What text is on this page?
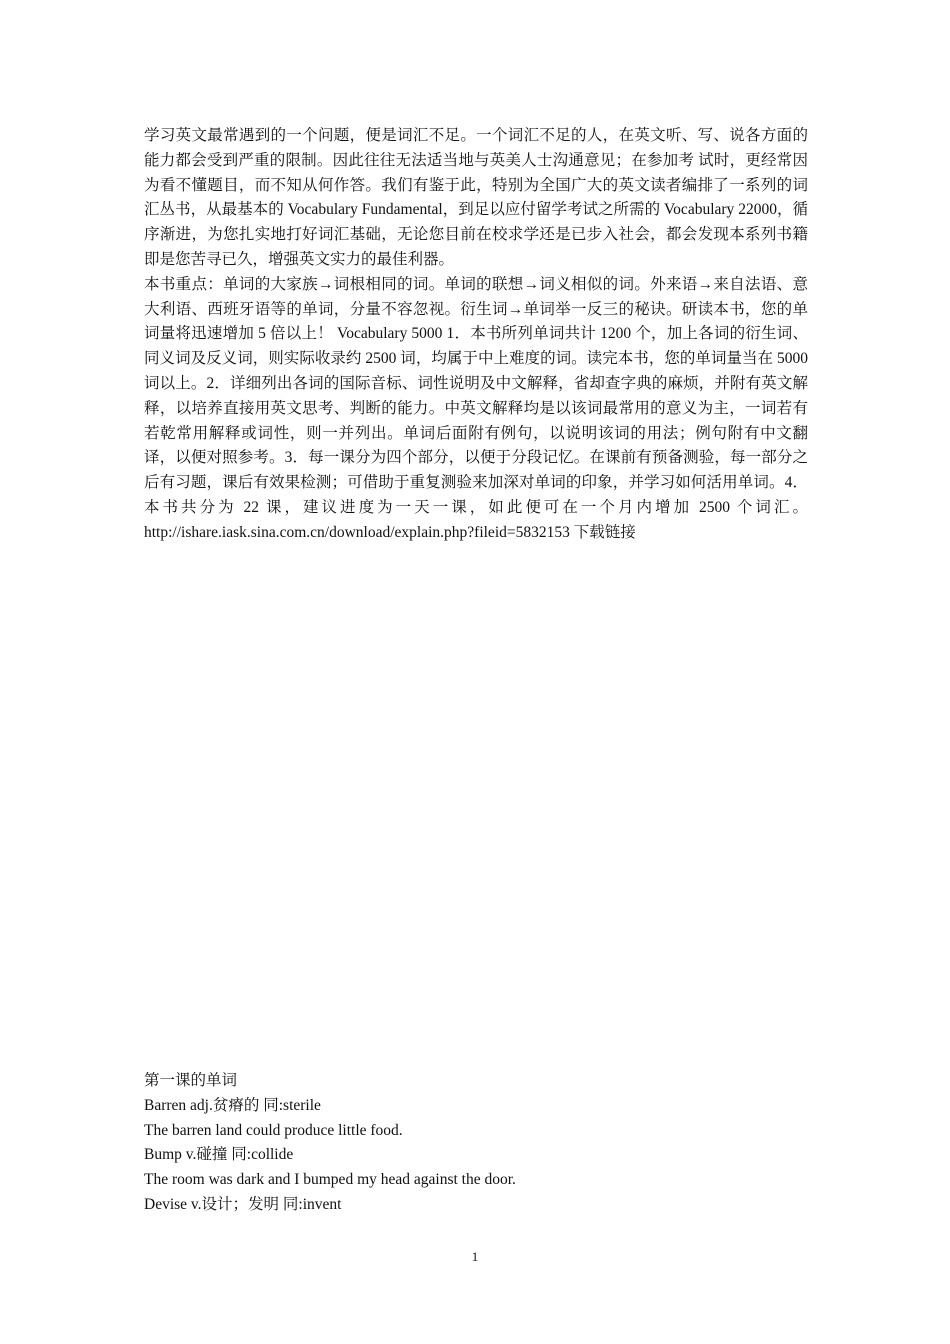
学习英文最常遇到的一个问题，便是词汇不足。一个词汇不足的人，在英文听、写、说各方面的能力都会受到严重的限制。因此往往无法适当地与英美人士沟通意见；在参加考 试时，更经常因为看不懂题目，而不知从何作答。我们有鉴于此，特别为全国广大的英文读者编排了一系列的词汇丛书，从最基本的 Vocabulary Fundamental，到足以应付留学考试之所需的 Vocabulary 22000，循序渐进，为您扎实地打好词汇基础，无论您目前在校求学还是已步入社会，都会发现本系列书籍即是您苦寻已久，增强英文实力的最佳利器。

本书重点：单词的大家族→词根相同的词。单词的联想→词义相似的词。外来语→来自法语、意大利语、西班牙语等的单词，分量不容忽视。衍生词→单词举一反三的秘诀。研读本书，您的单词量将迅速增加 5 倍以上！ Vocabulary 5000 1．本书所列单词共计 1200 个，加上各词的衍生词、同义词及反义词，则实际收录约 2500 词，均属于中上难度的词。读完本书，您的单词量当在 5000 词以上。2．详细列出各词的国际音标、词性说明及中文解释，省却查字典的麻烦，并附有英文解释，以培养直接用英文思考、判断的能力。中英文解释均是以该词最常用的意义为主，一词若有若乾常用解释或词性，则一并列出。单词后面附有例句，以说明该词的用法；例句附有中文翻译，以便对照参考。3．每一课分为四个部分，以便于分段记忆。在课前有预备测验，每一部分之后有习题，课后有效果检测；可借助于重复测验来加深对单词的印象，并学习如何活用单词。4．本书共分为 22 课，建议进度为一天一课，如此便可在一个月内增加 2500 个词汇。http://ishare.iask.sina.com.cn/download/explain.php?fileid=5832153 下载链接

第一课的单词
Barren adj.贫瘠的 同:sterile
The barren land could produce little food.
Bump v.碰撞 同:collide
The room was dark and I bumped my head against the door.
Devise v.设计；发明 同:invent
1
